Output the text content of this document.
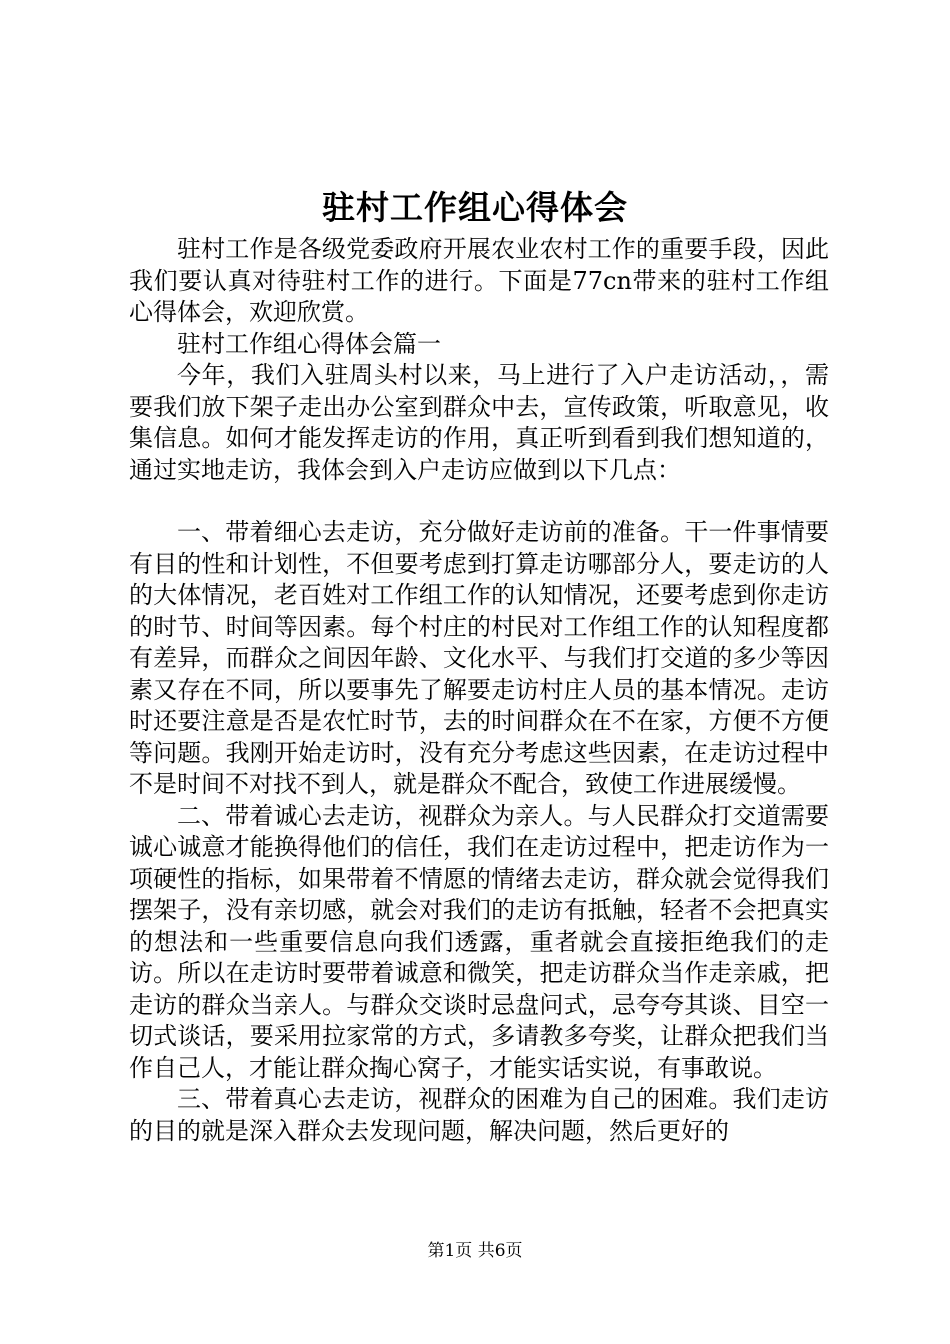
驻村工作组心得体会

驻村工作是各级党委政府开展农业农村工作的重要手段，因此我们要认真对待驻村工作的进行。下面是77cn带来的驻村工作组心得体会，欢迎欣赏。

驻村工作组心得体会篇一

今年，我们入驻周头村以来，马上进行了入户走访活动，，需要我们放下架子走出办公室到群众中去，宣传政策，听取意见，收集信息。如何才能发挥走访的作用，真正听到看到我们想知道的，通过实地走访，我体会到入户走访应做到以下几点：

一、带着细心去走访，充分做好走访前的准备。干一件事情要有目的性和计划性，不但要考虑到打算走访哪部分人，要走访的人的大体情况，老百姓对工作组工作的认知情况，还要考虑到你走访的时节、时间等因素。每个村庄的村民对工作组工作的认知程度都有差异，而群众之间因年龄、文化水平、与我们打交道的多少等因素又存在不同，所以要事先了解要走访村庄人员的基本情况。走访时还要注意是否是农忙时节，去的时间群众在不在家，方便不方便等问题。我刚开始走访时，没有充分考虑这些因素，在走访过程中不是时间不对找不到人，就是群众不配合，致使工作进展缓慢。

二、带着诚心去走访，视群众为亲人。与人民群众打交道需要诚心诚意才能换得他们的信任，我们在走访过程中，把走访作为一项硬性的指标，如果带着不情愿的情绪去走访，群众就会觉得我们摆架子，没有亲切感，就会对我们的走访有抵触，轻者不会把真实的想法和一些重要信息向我们透露，重者就会直接拒绝我们的走访。所以在走访时要带着诚意和微笑，把走访群众当作走亲戚，把走访的群众当亲人。与群众交谈时忌盘问式，忌夸夸其谈、目空一切式谈话，要采用拉家常的方式，多请教多夸奖，让群众把我们当作自己人，才能让群众掏心窝子，才能实话实说，有事敢说。

三、带着真心去走访，视群众的困难为自己的困难。我们走访的目的就是深入群众去发现问题，解决问题，然后更好的

第1页 共6页
